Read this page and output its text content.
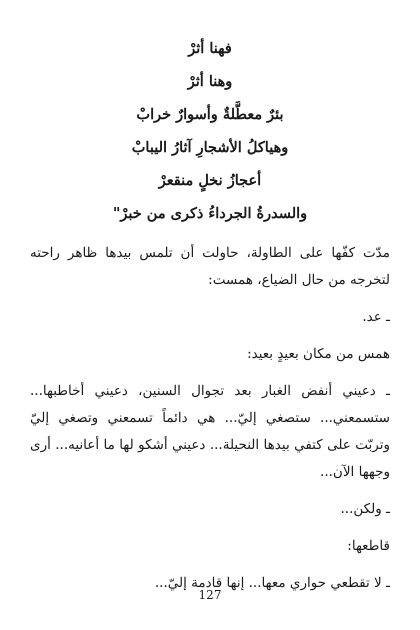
فهنا أثرْ
وهنا أثرْ
بئرٌ معطَّلةٌ وأسوارٌ خرابْ
وهياكلُ الأشجارِ آثارُ اليبابْ
أعجازُ نخلٍ منقعرْ
والسدرةُ الجرداءُ ذكرى من خبرْ"

مدّت كفّها على الطاولة، حاولت أن تلمس بيدها ظاهر راحته لتخرجه من حال الضياع، همست:

ـ عد.

همس من مكان بعيدٍ بعيد:

ـ دعيني أنفض الغبار بعد تجوال السنين، دعيني أخاطبها... ستسمعني... ستصغي إليّ... هي دائماً تسمعني وتصغي إليّ وتربّت على كتفي بيدها النحيلة... دعيني أشكو لها ما أعانيه... أرى وجهها الآن...

ـ ولكن...

قاطعها:

ـ لا تقطعي حواري معها... إنها قادمة إليّ...

127
